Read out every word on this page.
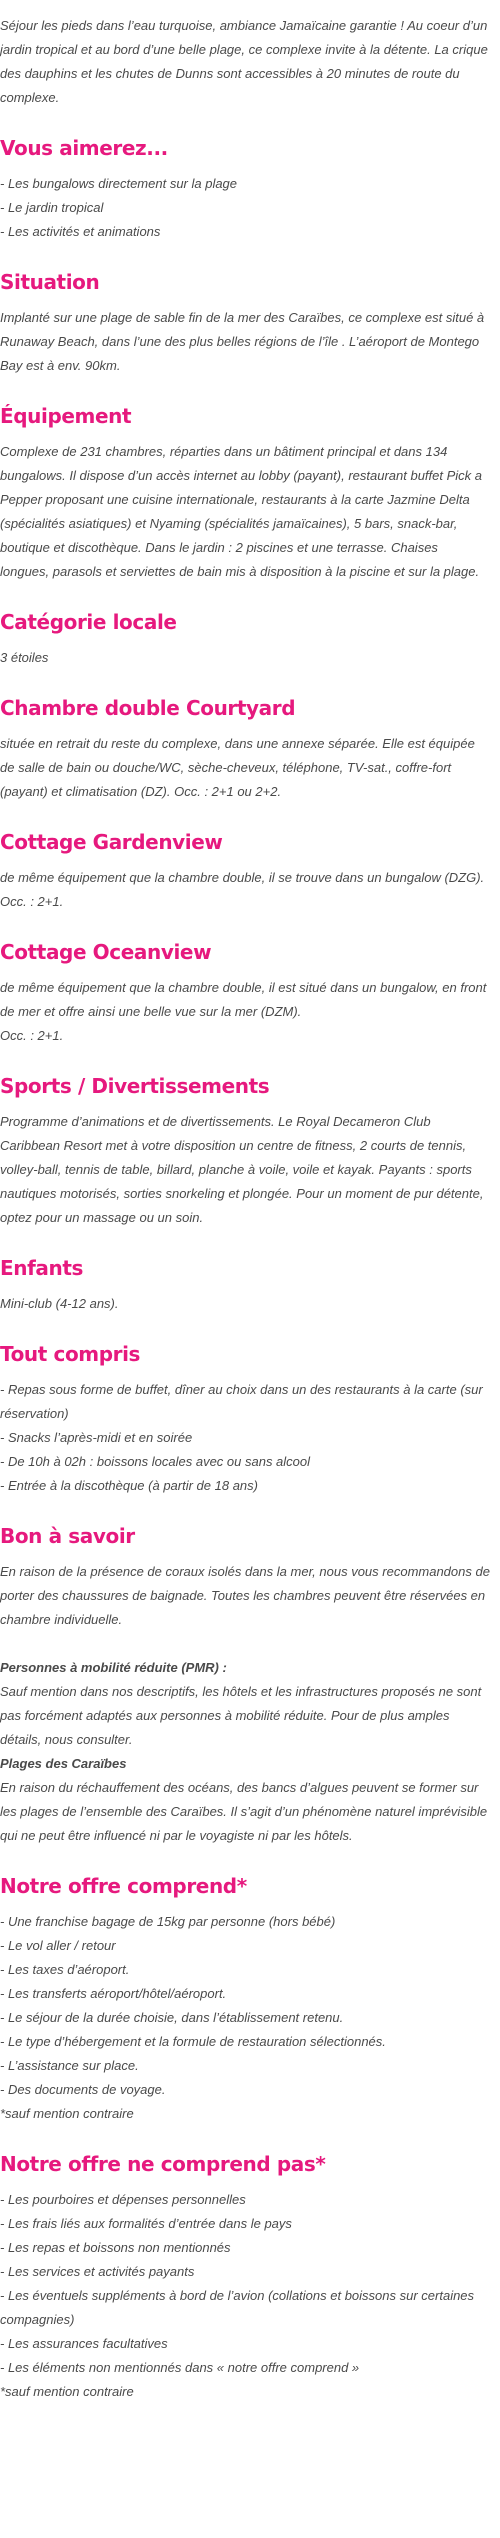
Séjour les pieds dans l’eau turquoise, ambiance Jamaïcaine garantie ! Au coeur d’un jardin tropical et au bord d’une belle plage, ce complexe invite à la détente. La crique des dauphins et les chutes de Dunns sont accessibles à 20 minutes de route du complexe.

Vous aimerez...
- Les bungalows directement sur la plage
- Le jardin tropical
- Les activités et animations
Situation

Implanté sur une plage de sable fin de la mer des Caraïbes, ce complexe est situé à Runaway Beach, dans l’une des plus belles régions de l’île . L’aéroport de Montego Bay est à env. 90km.

Équipement

Complexe de 231 chambres, réparties dans un bâtiment principal et dans 134 bungalows. Il dispose d’un accès internet au lobby (payant), restaurant buffet Pick a Pepper proposant une cuisine internationale, restaurants à la carte Jazmine Delta (spécialités asiatiques) et Nyaming (spécialités jamaïcaines), 5 bars, snack-bar, boutique et discothèque. Dans le jardin : 2 piscines et une terrasse. Chaises longues, parasols et serviettes de bain mis à disposition à la piscine et sur la plage.

Catégorie locale

3 étoiles

Chambre double Courtyard

située en retrait du reste du complexe, dans une annexe séparée. Elle est équipée de salle de bain ou douche/WC, sèche-cheveux, téléphone, TV-sat., coffre-fort (payant) et climatisation (DZ). Occ. : 2+1 ou 2+2.

Cottage Gardenview

de même équipement que la chambre double, il se trouve dans un bungalow (DZG). Occ. : 2+1.

Cottage Oceanview

de même équipement que la chambre double, il est situé dans un bungalow, en front de mer et offre ainsi une belle vue sur la mer (DZM).

Occ. : 2+1.

Sports / Divertissements

Programme d’animations et de divertissements. Le Royal Decameron Club Caribbean Resort met à votre disposition un centre de fitness, 2 courts de tennis, volley-ball, tennis de table, billard, planche à voile, voile et kayak. Payants : sports nautiques motorisés, sorties snorkeling et plongée. Pour un moment de pur détente, optez pour un massage ou un soin.

Enfants

Mini-club (4-12 ans).

Tout compris
- Repas sous forme de buffet, dîner au choix dans un des restaurants à la carte (sur réservation)
- Snacks l’après-midi et en soirée
- De 10h à 02h : boissons locales avec ou sans alcool
- Entrée à la discothèque (à partir de 18 ans)
Bon à savoir

En raison de la présence de coraux isolés dans la mer, nous vous recommandons de porter des chaussures de baignade. Toutes les chambres peuvent être réservées en chambre individuelle.

Personnes à mobilité réduite (PMR) :

Sauf mention dans nos descriptifs, les hôtels et les infrastructures proposés ne sont pas forcément adaptés aux personnes à mobilité réduite. Pour de plus amples détails, nous consulter.

Plages des Caraïbes

En raison du réchauffement des océans, des bancs d’algues peuvent se former sur les plages de l’ensemble des Caraïbes. Il s’agit d’un phénomène naturel imprévisible qui ne peut être influencé ni par le voyagiste ni par les hôtels.

Notre offre comprend*
- Une franchise bagage de 15kg par personne (hors bébé)
- Le vol aller / retour
- Les taxes d’aéroport.
- Les transferts aéroport/hôtel/aéroport.
- Le séjour de la durée choisie, dans l’établissement retenu.
- Le type d’hébergement et la formule de restauration sélectionnés.
- L’assistance sur place.
- Des documents de voyage.

*sauf mention contraire

Notre offre ne comprend pas*
- Les pourboires et dépenses personnelles
- Les frais liés aux formalités d’entrée dans le pays
- Les repas et boissons non mentionnés
- Les services et activités payants
- Les éventuels suppléments à bord de l’avion (collations et boissons sur certaines compagnies)
- Les assurances facultatives
- Les éléments non mentionnés dans « notre offre comprend »

*sauf mention contraire
